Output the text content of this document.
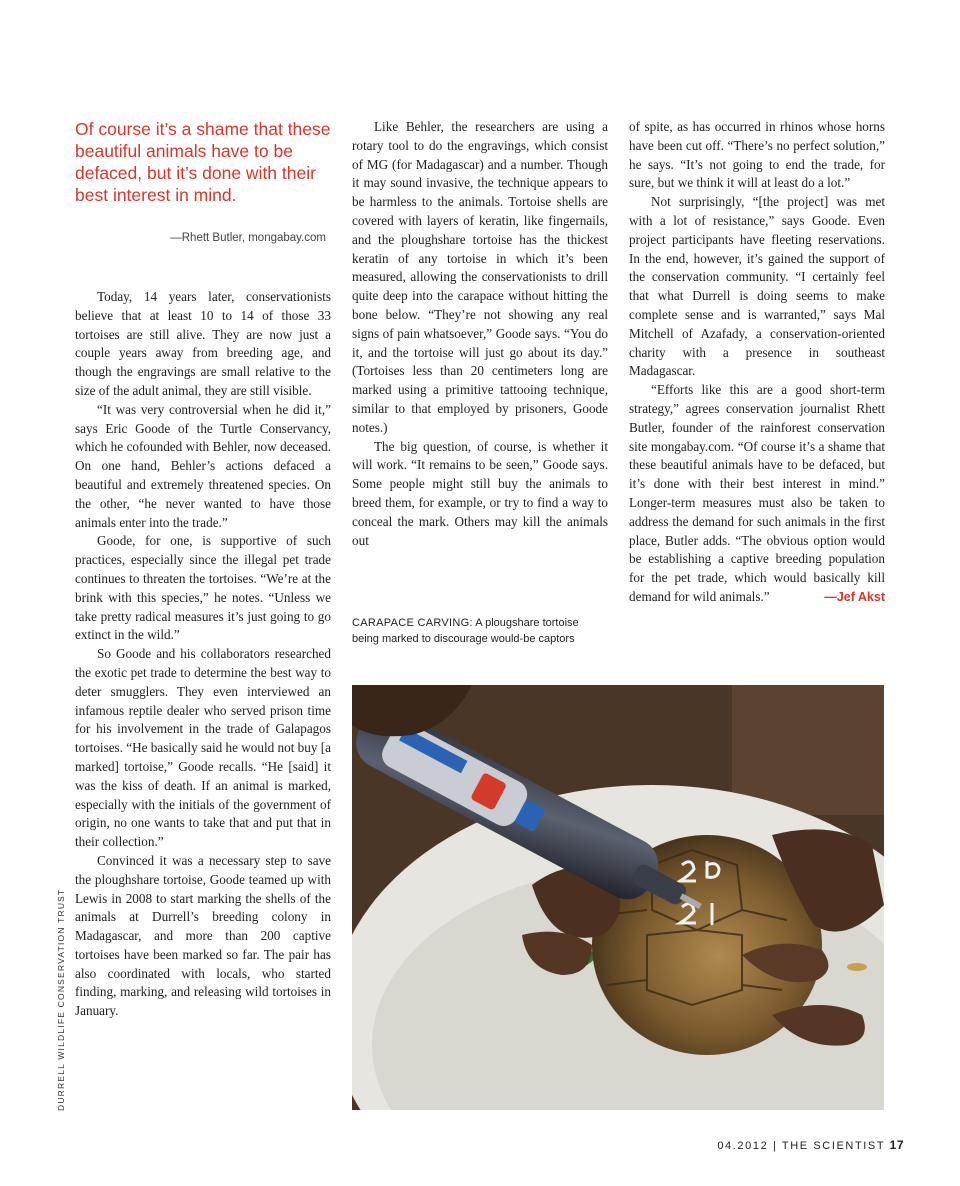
Of course it’s a shame that these beautiful animals have to be defaced, but it’s done with their best interest in mind.
—Rhett Butler, mongabay.com

Today, 14 years later, conservationists believe that at least 10 to 14 of those 33 tortoises are still alive. They are now just a couple years away from breeding age, and though the engravings are small relative to the size of the adult animal, they are still visible.

“It was very controversial when he did it,” says Eric Goode of the Turtle Conservancy, which he cofounded with Behler, now deceased. On one hand, Behler’s actions defaced a beautiful and extremely threatened species. On the other, “he never wanted to have those animals enter into the trade.”

Goode, for one, is supportive of such practices, especially since the illegal pet trade continues to threaten the tortoises. “We’re at the brink with this species,” he notes. “Unless we take pretty radical measures it’s just going to go extinct in the wild.”

So Goode and his collaborators researched the exotic pet trade to determine the best way to deter smugglers. They even interviewed an infamous reptile dealer who served prison time for his involvement in the trade of Galapagos tortoises. “He basically said he would not buy [a marked] tortoise,” Goode recalls. “He [said] it was the kiss of death. If an animal is marked, especially with the initials of the government of origin, no one wants to take that and put that in their collection.”

Convinced it was a necessary step to save the ploughshare tortoise, Goode teamed up with Lewis in 2008 to start marking the shells of the animals at Durrell’s breeding colony in Madagascar, and more than 200 captive tortoises have been marked so far. The pair has also coordinated with locals, who started finding, marking, and releasing wild tortoises in January.

Like Behler, the researchers are using a rotary tool to do the engravings, which consist of MG (for Madagascar) and a number. Though it may sound invasive, the technique appears to be harmless to the animals. Tortoise shells are covered with layers of keratin, like fingernails, and the ploughshare tortoise has the thickest keratin of any tortoise in which it’s been measured, allowing the conservationists to drill quite deep into the carapace without hitting the bone below. “They’re not showing any real signs of pain whatsoever,” Goode says. “You do it, and the tortoise will just go about its day.” (Tortoises less than 20 centimeters long are marked using a primitive tattooing technique, similar to that employed by prisoners, Goode notes.)

The big question, of course, is whether it will work. “It remains to be seen,” Goode says. Some people might still buy the animals to breed them, for example, or try to find a way to conceal the mark. Others may kill the animals out

of spite, as has occurred in rhinos whose horns have been cut off. “There’s no perfect solution,” he says. “It’s not going to end the trade, for sure, but we think it will at least do a lot.”

Not surprisingly, “[the project] was met with a lot of resistance,” says Goode. Even project participants have fleeting reservations. In the end, however, it’s gained the support of the conservation community. “I certainly feel that what Durrell is doing seems to make complete sense and is warranted,” says Mal Mitchell of Azafady, a conservation-oriented charity with a presence in southeast Madagascar.

“Efforts like this are a good short-term strategy,” agrees conservation journalist Rhett Butler, founder of the rainforest conservation site mongabay.com. “Of course it’s a shame that these beautiful animals have to be defaced, but it’s done with their best interest in mind.” Longer-term measures must also be taken to address the demand for such animals in the first place, Butler adds. “The obvious option would be establishing a captive breeding population for the pet trade, which would basically kill demand for wild animals.”	—Jef Akst

CARAPACE CARVING: A plougshare tortoise being marked to discourage would-be captors
DURRELL WILDLIFE CONSERVATION TRUST
04.2012 | THE SCIENTIST 17
